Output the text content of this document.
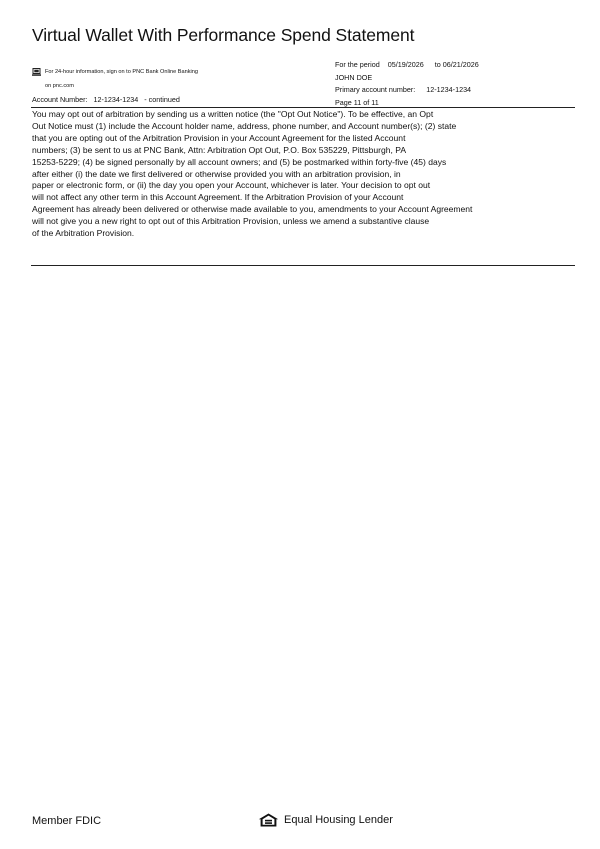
Virtual Wallet With Performance Spend Statement
For 24-hour information, sign on to PNC Bank Online Banking
on pnc.com
Account Number: 12-1234-1234 - continued
For the period 05/19/2026 to 06/21/2026
JOHN DOE
Primary account number: 12-1234-1234
Page 11 of 11

You may opt out of arbitration by sending us a written notice (the "Opt Out Notice"). To be effective, an Opt
Out Notice must (1) include the Account holder name, address, phone number, and Account number(s); (2) state
that you are opting out of the Arbitration Provision in your Account Agreement for the listed Account
numbers; (3) be sent to us at PNC Bank, Attn: Arbitration Opt Out, P.O. Box 535229, Pittsburgh, PA
15253-5229; (4) be signed personally by all account owners; and (5) be postmarked within forty-five (45) days
after either (i) the date we first delivered or otherwise provided you with an arbitration provision, in
paper or electronic form, or (ii) the day you open your Account, whichever is later. Your decision to opt out
will not affect any other term in this Account Agreement. If the Arbitration Provision of your Account
Agreement has already been delivered or otherwise made available to you, amendments to your Account Agreement
will not give you a new right to opt out of this Arbitration Provision, unless we amend a substantive clause
of the Arbitration Provision.

Member FDIC	Equal Housing Lender
